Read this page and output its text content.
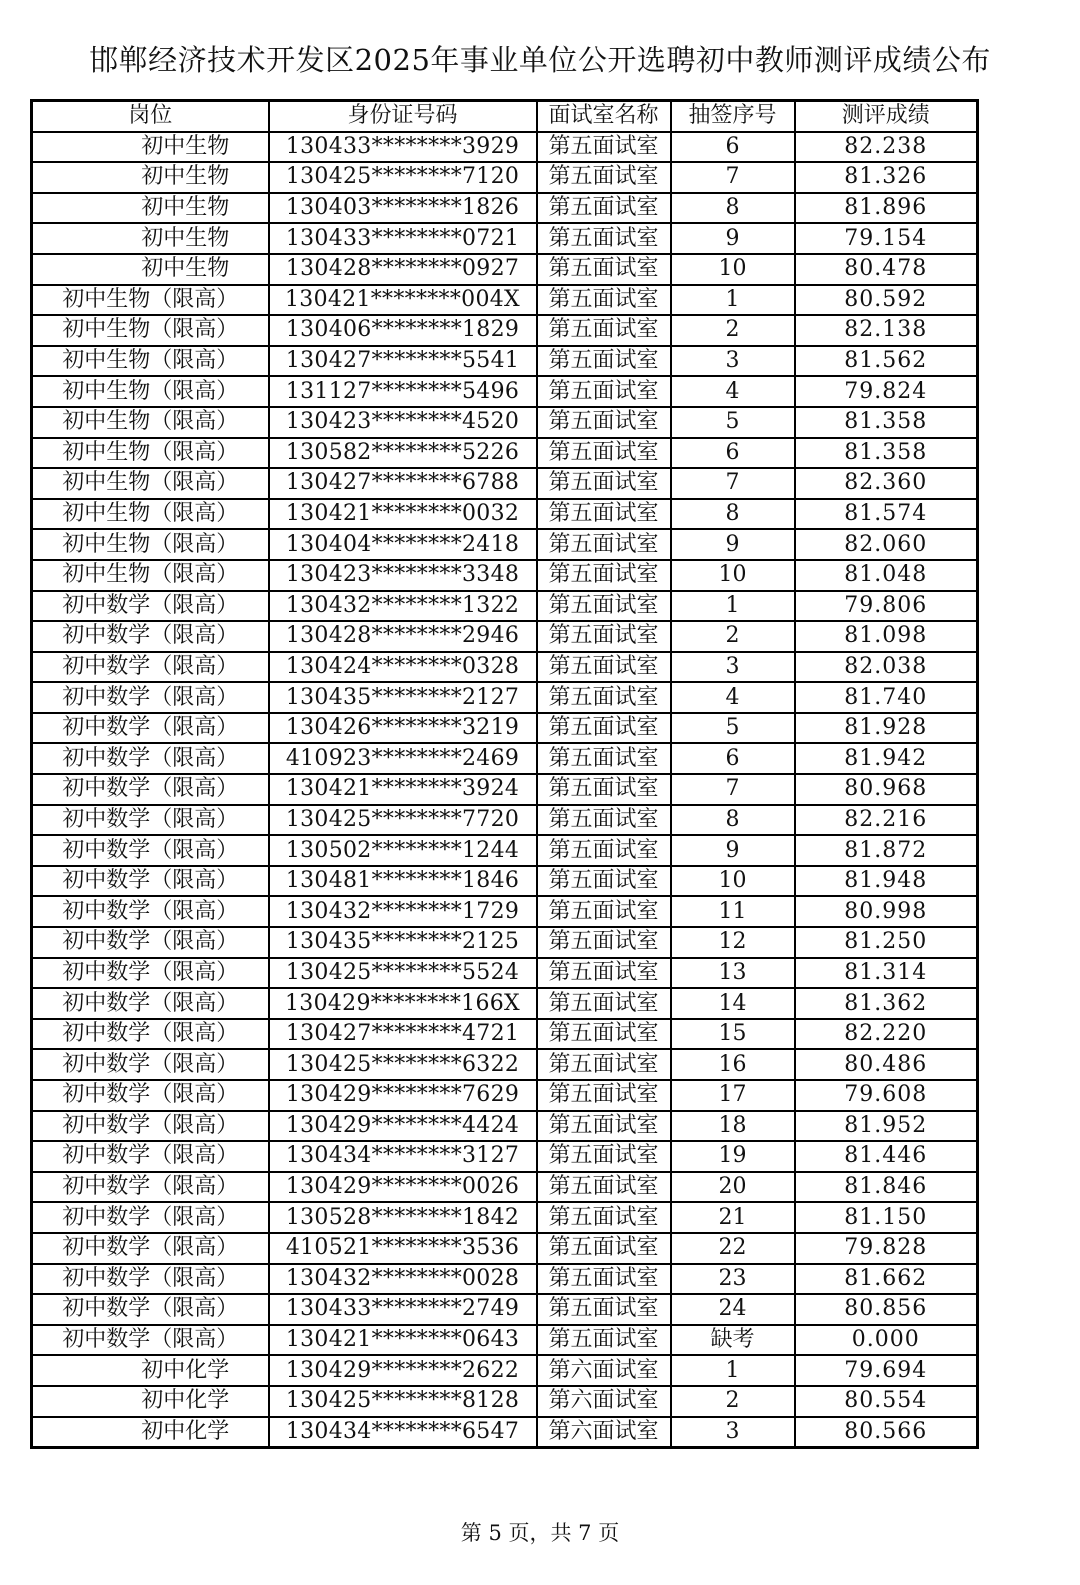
邯郸经济技术开发区2025年事业单位公开选聘初中教师测评成绩公布
岗位	身份证号码	面试室名称	抽签序号	测评成绩
初中生物	130433********3929	第五面试室	6	82.238
初中生物	130425********7120	第五面试室	7	81.326
初中生物	130403********1826	第五面试室	8	81.896
初中生物	130433********0721	第五面试室	9	79.154
初中生物	130428********0927	第五面试室	10	80.478
初中生物（限高）	130421********004X	第五面试室	1	80.592
初中生物（限高）	130406********1829	第五面试室	2	82.138
初中生物（限高）	130427********5541	第五面试室	3	81.562
初中生物（限高）	131127********5496	第五面试室	4	79.824
初中生物（限高）	130423********4520	第五面试室	5	81.358
初中生物（限高）	130582********5226	第五面试室	6	81.358
初中生物（限高）	130427********6788	第五面试室	7	82.360
初中生物（限高）	130421********0032	第五面试室	8	81.574
初中生物（限高）	130404********2418	第五面试室	9	82.060
初中生物（限高）	130423********3348	第五面试室	10	81.048
初中数学（限高）	130432********1322	第五面试室	1	79.806
初中数学（限高）	130428********2946	第五面试室	2	81.098
初中数学（限高）	130424********0328	第五面试室	3	82.038
初中数学（限高）	130435********2127	第五面试室	4	81.740
初中数学（限高）	130426********3219	第五面试室	5	81.928
初中数学（限高）	410923********2469	第五面试室	6	81.942
初中数学（限高）	130421********3924	第五面试室	7	80.968
初中数学（限高）	130425********7720	第五面试室	8	82.216
初中数学（限高）	130502********1244	第五面试室	9	81.872
初中数学（限高）	130481********1846	第五面试室	10	81.948
初中数学（限高）	130432********1729	第五面试室	11	80.998
初中数学（限高）	130435********2125	第五面试室	12	81.250
初中数学（限高）	130425********5524	第五面试室	13	81.314
初中数学（限高）	130429********166X	第五面试室	14	81.362
初中数学（限高）	130427********4721	第五面试室	15	82.220
初中数学（限高）	130425********6322	第五面试室	16	80.486
初中数学（限高）	130429********7629	第五面试室	17	79.608
初中数学（限高）	130429********4424	第五面试室	18	81.952
初中数学（限高）	130434********3127	第五面试室	19	81.446
初中数学（限高）	130429********0026	第五面试室	20	81.846
初中数学（限高）	130528********1842	第五面试室	21	81.150
初中数学（限高）	410521********3536	第五面试室	22	79.828
初中数学（限高）	130432********0028	第五面试室	23	81.662
初中数学（限高）	130433********2749	第五面试室	24	80.856
初中数学（限高）	130421********0643	第五面试室	缺考	0.000
初中化学	130429********2622	第六面试室	1	79.694
初中化学	130425********8128	第六面试室	2	80.554
初中化学	130434********6547	第六面试室	3	80.566
第 5 页，共 7 页
